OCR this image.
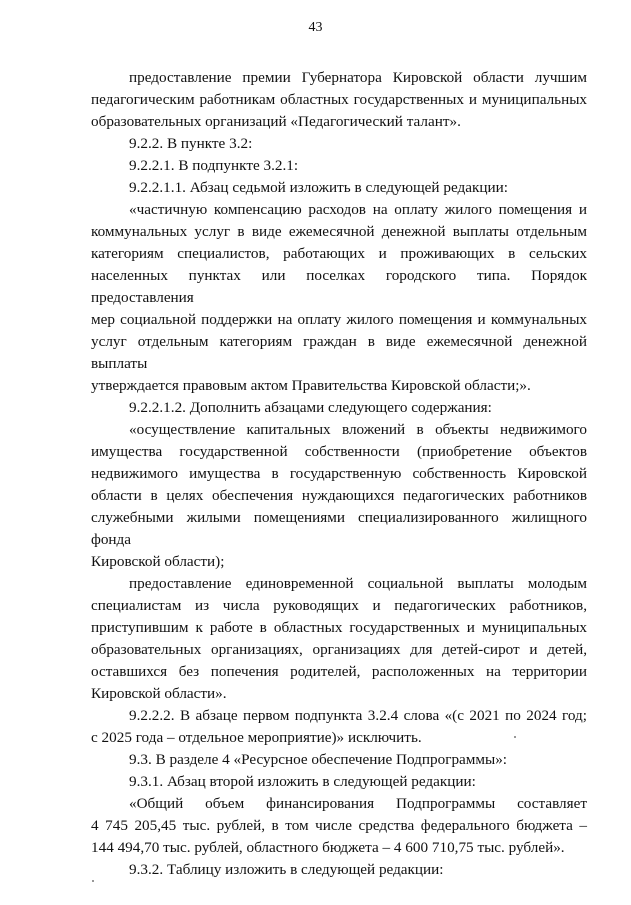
43

предоставление премии Губернатора Кировской области лучшим

педагогическим работникам областных государственных и муниципальных

образовательных организаций «Педагогический талант».

9.2.2. В пункте 3.2:

9.2.2.1. В подпункте 3.2.1:

9.2.2.1.1. Абзац седьмой изложить в следующей редакции:

«частичную компенсацию расходов на оплату жилого помещения и

коммунальных услуг в виде ежемесячной денежной выплаты отдельным

категориям специалистов, работающих и проживающих в сельских

населенных пунктах или поселках городского типа. Порядок предоставления

мер социальной поддержки на оплату жилого помещения и коммунальных

услуг отдельным категориям граждан в виде ежемесячной денежной выплаты

утверждается правовым актом Правительства Кировской области;».

9.2.2.1.2. Дополнить абзацами следующего содержания:

«осуществление капитальных вложений в объекты недвижимого

имущества государственной собственности (приобретение объектов

недвижимого имущества в государственную собственность Кировской

области в целях обеспечения нуждающихся педагогических работников

служебными жилыми помещениями специализированного жилищного фонда

Кировской области);

предоставление единовременной социальной выплаты молодым

специалистам из числа руководящих и педагогических работников,

приступившим к работе в областных государственных и муниципальных

образовательных организациях, организациях для детей-сирот и детей,

оставшихся без попечения родителей, расположенных на территории

Кировской области».

9.2.2.2. В абзаце первом подпункта 3.2.4 слова «(с 2021 по 2024 год;

с 2025 года – отдельное мероприятие)» исключить.

9.3. В разделе 4 «Ресурсное обеспечение Подпрограммы»:

9.3.1. Абзац второй изложить в следующей редакции:

«Общий объем финансирования Подпрограммы составляет

4 745 205,45 тыс. рублей, в том числе средства федерального бюджета –

144 494,70 тыс. рублей, областного бюджета – 4 600 710,75 тыс. рублей».

9.3.2. Таблицу изложить в следующей редакции:
